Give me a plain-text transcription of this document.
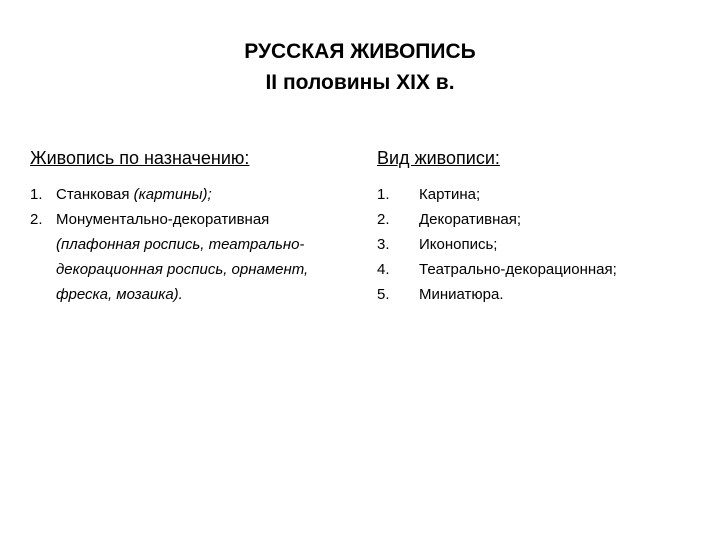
РУССКАЯ ЖИВОПИСЬ
II половины XIX в.
Живопись по назначению:
1. Станковая (картины);
2. Монументально-декоративная (плафонная роспись, театрально-декорационная роспись, орнамент, фреска, мозаика).
Вид живописи:
1. Картина;
2. Декоративная;
3. Иконопись;
4. Театрально-декорационная;
5. Миниатюра.
